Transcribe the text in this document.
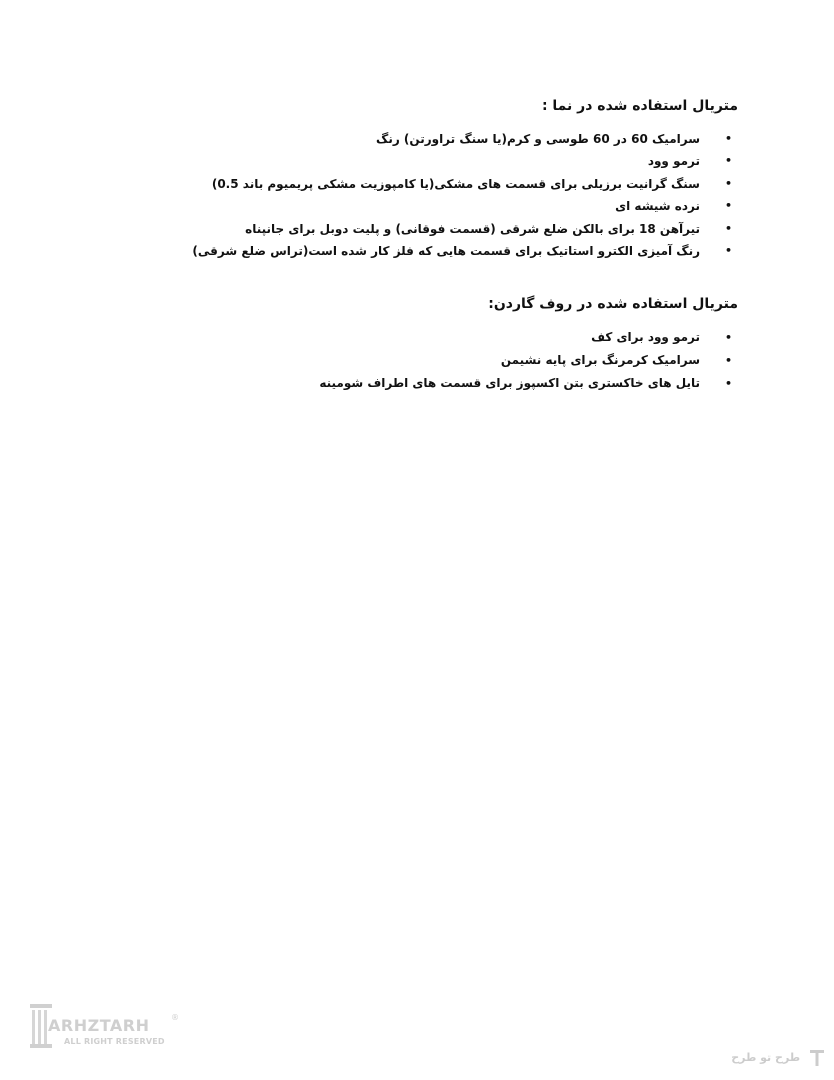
متریال استفاده شده در نما :
•
سرامیک 60 در 60 طوسی و کرم(یا سنگ تراورتن) رنگ
•
ترمو وود
•
سنگ گرانیت برزیلی برای قسمت های مشکی(یا کامپوزیت مشکی پریمیوم باند 0.5)
•
نرده شیشه ای
•
تیرآهن 18 برای بالکن ضلع شرقی (قسمت فوقانی) و پلیت دوبل برای جانپناه
•
رنگ آمیزی الکترو استاتیک برای قسمت هایی که فلز کار شده است(تراس ضلع شرقی)
متریال استفاده شده در روف گاردن:
•
ترمو وود برای کف
•
سرامیک کرمرنگ برای پایه نشیمن
•
تایل های خاکستری بتن اکسپوز برای قسمت های اطراف شومینه
ARHZTARH	®
ALL RIGHT RESERVED
طرح تو طرح
